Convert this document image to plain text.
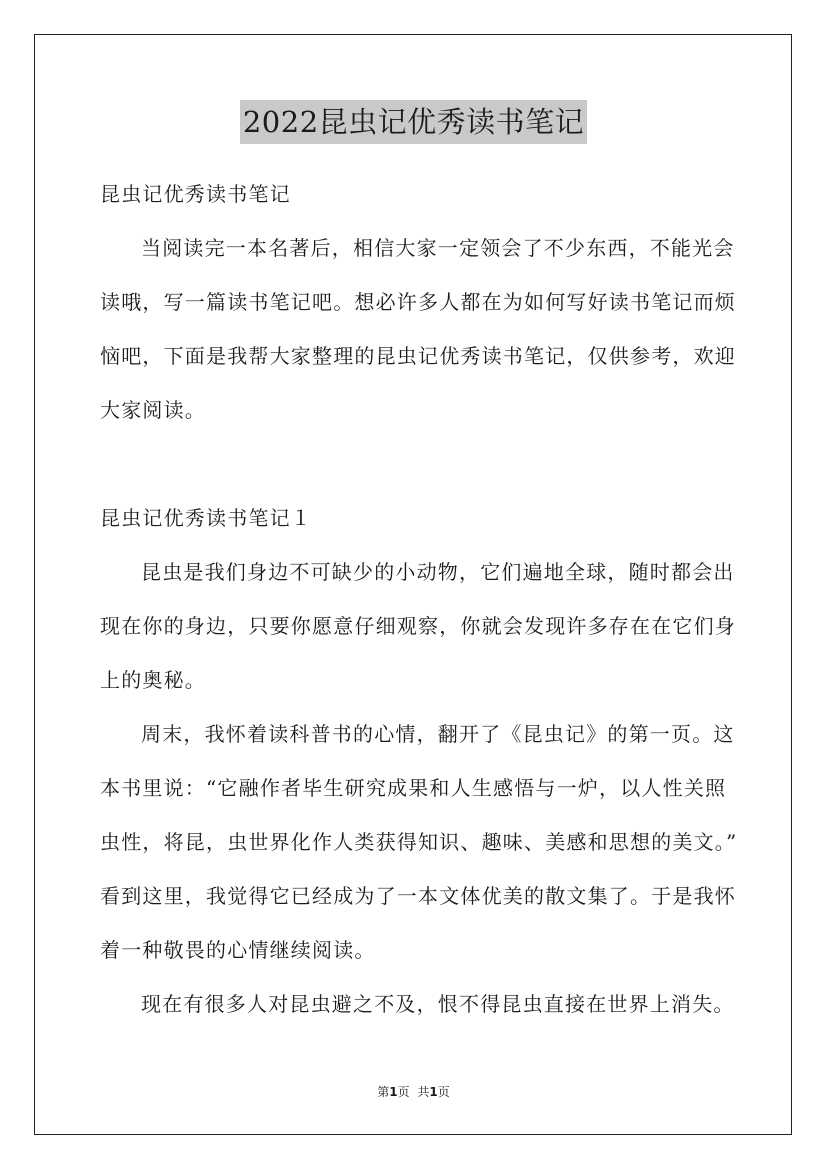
2022昆虫记优秀读书笔记
昆虫记优秀读书笔记
当阅读完一本名著后，相信大家一定领会了不少东西，不能光会
读哦，写一篇读书笔记吧。想必许多人都在为如何写好读书笔记而烦
恼吧，下面是我帮大家整理的昆虫记优秀读书笔记，仅供参考，欢迎
大家阅读。
昆虫记优秀读书笔记１
昆虫是我们身边不可缺少的小动物，它们遍地全球，随时都会出
现在你的身边，只要你愿意仔细观察，你就会发现许多存在在它们身
上的奥秘。
周末，我怀着读科普书的心情，翻开了《昆虫记》的第一页。这
本书里说：“它融作者毕生研究成果和人生感悟与一炉，以人性关照
虫性，将昆，虫世界化作人类获得知识、趣味、美感和思想的美文。”
看到这里，我觉得它已经成为了一本文体优美的散文集了。于是我怀
着一种敬畏的心情继续阅读。
现在有很多人对昆虫避之不及，恨不得昆虫直接在世界上消失。
第1页 共1页
